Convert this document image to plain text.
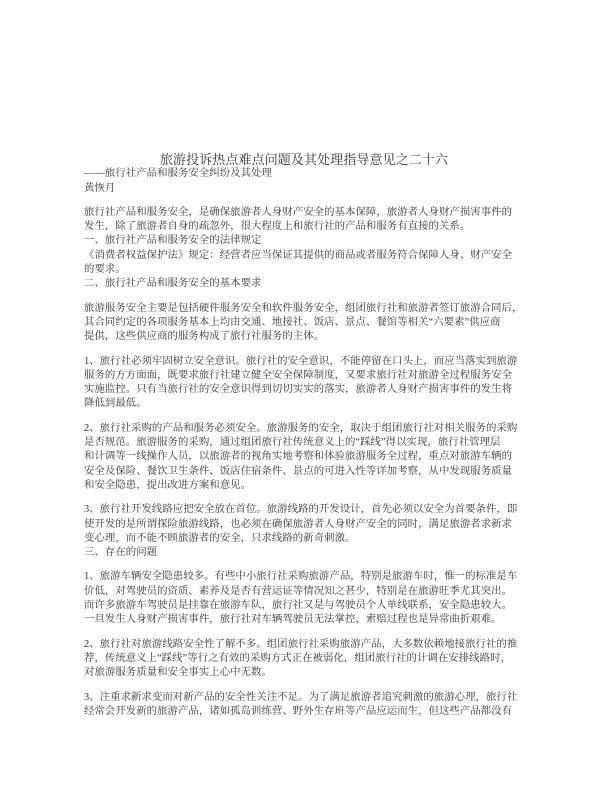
旅游投诉热点难点问题及其处理指导意见之二十六
——旅行社产品和服务安全纠纷及其处理
黄恢月
旅行社产品和服务安全，是确保旅游者人身财产安全的基本保障，旅游者人身财产损害事件的
发生，除了旅游者自身的疏忽外，很大程度上和旅行社的产品和服务有直接的关系。
一、旅行社产品和服务安全的法律规定
《消费者权益保护法》规定：经营者应当保证其提供的商品或者服务符合保障人身、财产安全
的要求。
二、旅行社产品和服务安全的基本要求
旅游服务安全主要是包括硬件服务安全和软件服务安全，组团旅行社和旅游者签订旅游合同后，
其合同约定的各项服务基本上均由交通、地接社、饭店、景点、餐馆等相关“六要素”供应商
提供，这些供应商的服务构成了旅行社服务的主体。
1、旅行社必须牢固树立安全意识。旅行社的安全意识，不能停留在口头上，而应当落实到旅游
服务的方方面面，既要求旅行社建立健全安全保障制度，又要求旅行社对旅游全过程服务安全
实施监控。只有当旅行社的安全意识得到切切实实的落实，旅游者人身财产损害事件的发生将
降低到最低。
2、旅行社采购的产品和服务必须安全。旅游服务的安全，取决于组团旅行社对相关服务的采购
是否规范。旅游服务的采购，通过组团旅行社传统意义上的“踩线”得以实现，旅行社管理层
和计调等一线操作人员，以旅游者的视角实地考察和体验旅游服务全过程，重点对旅游车辆的
安全及保险、餐饮卫生条件、饭店住宿条件、景点的可进入性等详加考察，从中发现服务质量
和安全隐患，提出改进方案和意见。
3、旅行社开发线路应把安全放在首位。旅游线路的开发设计，首先必须以安全为首要条件，即
使开发的是所谓探险旅游线路，也必须在确保旅游者人身财产安全的同时，满足旅游者求新求
变心理，而不能不顾旅游者的安全，只求线路的新奇刺激。
三、存在的问题
1、旅游车辆安全隐患较多。有些中小旅行社采购旅游产品，特别是旅游车时，惟一的标准是车
价低，对驾驶员的资质、素养及是否有营运证等情况知之甚少，特别是在旅游旺季尤其突出。
而许多旅游车驾驶员是挂靠在旅游车队，旅行社又是与驾驶员个人单线联系，安全隐患较大。
一旦发生人身财产损害事件，旅行社对车辆驾驶员无法掌控，索赔过程也是异常曲折艰难。
2、旅行社对旅游线路安全性了解不多。组团旅行社采购旅游产品，大多数依赖地接旅行社的推
荐，传统意义上“踩线”等行之有效的采购方式正在被弱化，组团旅行社的计调在安排线路时，
对旅游服务质量和安全事实上心中无数。
3、注重求新求变而对新产品的安全性关注不足。为了满足旅游者追究刺激的旅游心理，旅行社
经常会开发新的旅游产品，诸如孤岛训练营、野外生存班等产品应运而生，但这些产品都没有
